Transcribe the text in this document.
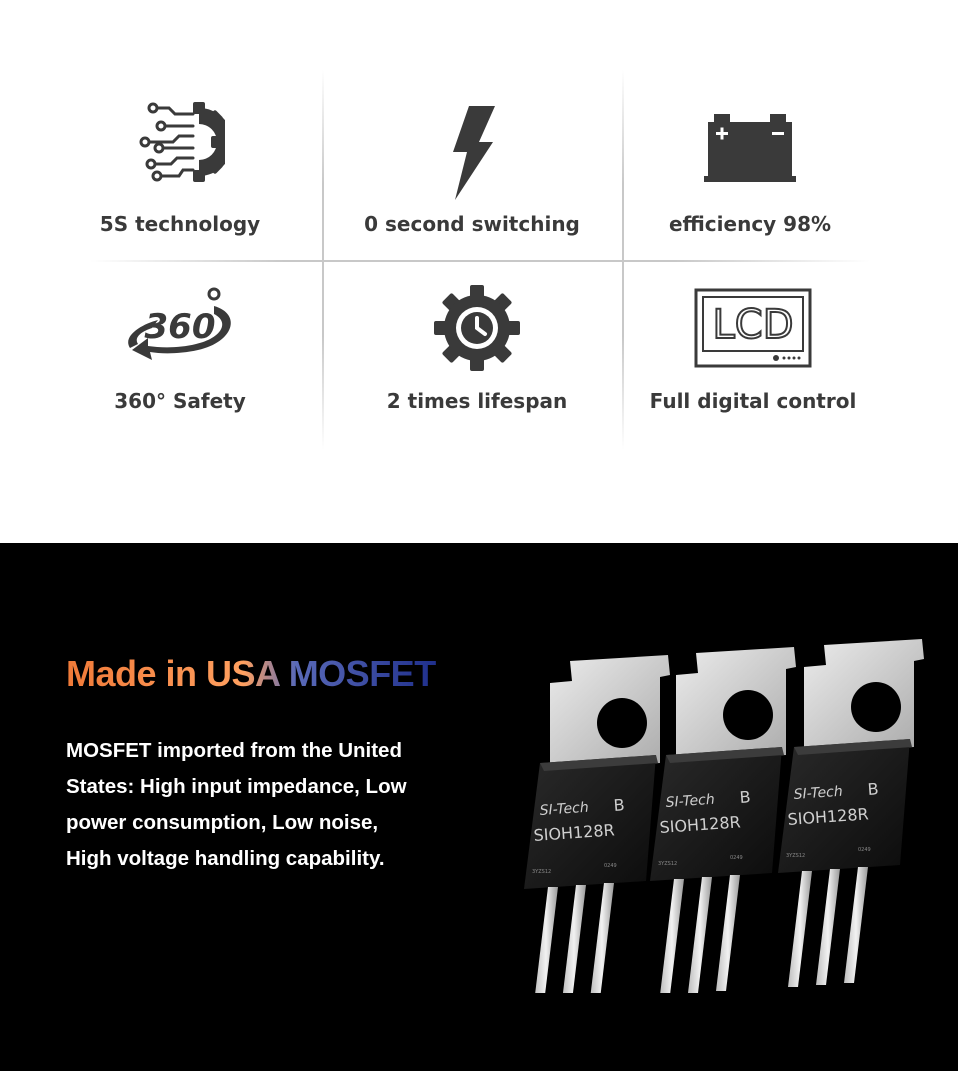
5S technology	0 second switching	efficiency 98%
360
360° Safety	2 times lifespan
LCD
Full digital control
Made in USA MOSFET

MOSFET imported from the United
States: High input impedance, Low
power consumption, Low noise,
High voltage handling capability.

SI-Tech B
SIOH128R
3YZS12
0249
